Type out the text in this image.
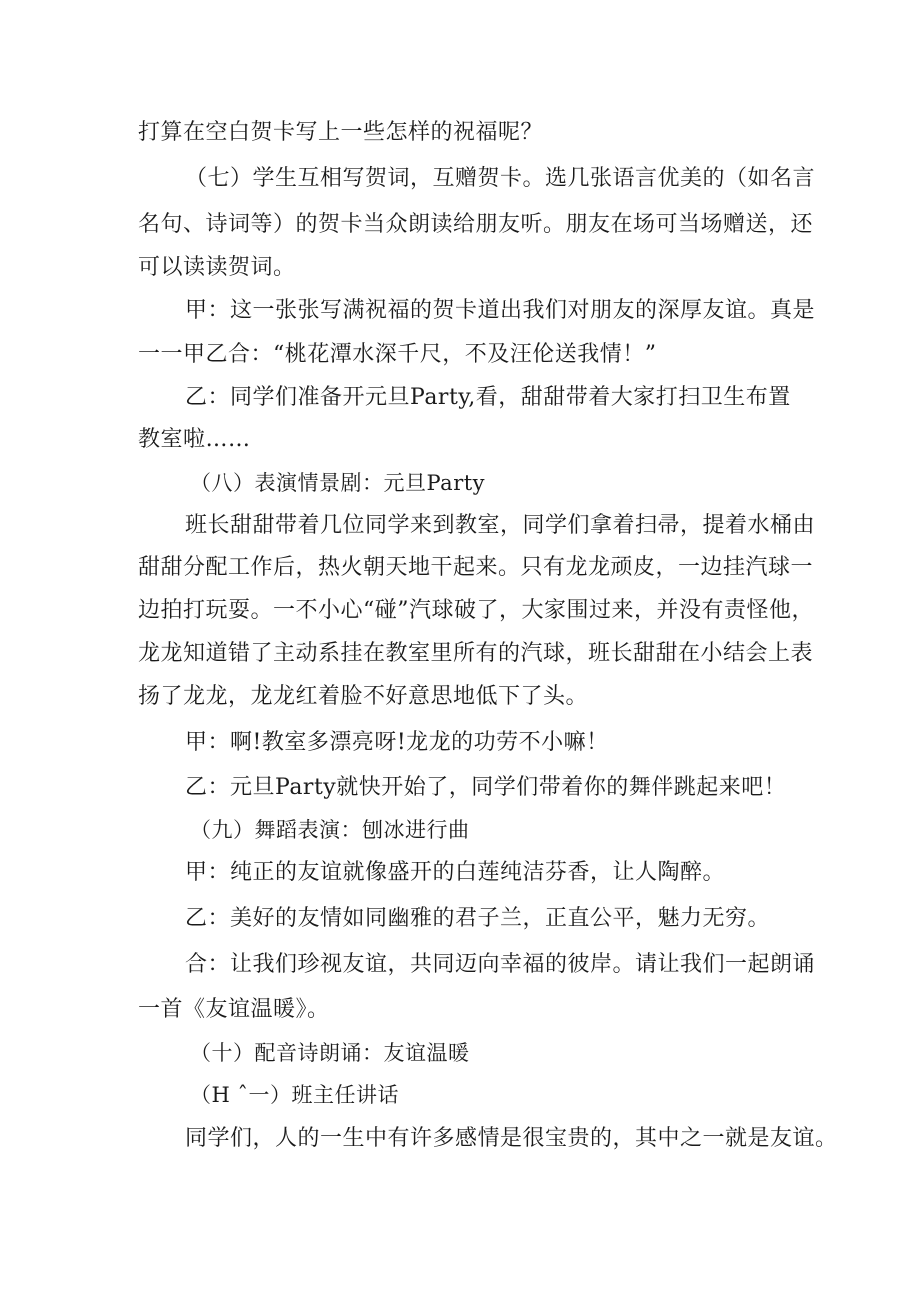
打算在空白贺卡写上一些怎样的祝福呢？
（七）学生互相写贺词，互赠贺卡。选几张语言优美的（如名言
名句、诗词等）的贺卡当众朗读给朋友听。朋友在场可当场赠送，还
可以读读贺词。
甲：这一张张写满祝福的贺卡道出我们对朋友的深厚友谊。真是
一一甲乙合：“桃花潭水深千尺，不及汪伦送我情！”
乙：同学们准备开元旦Party,看，甜甜带着大家打扫卫生布置
教室啦……
（八）表演情景剧：元旦Party
班长甜甜带着几位同学来到教室，同学们拿着扫帚，提着水桶由
甜甜分配工作后，热火朝天地干起来。只有龙龙顽皮，一边挂汽球一
边拍打玩耍。一不小心“碰”汽球破了，大家围过来，并没有责怪他，
龙龙知道错了主动系挂在教室里所有的汽球，班长甜甜在小结会上表
扬了龙龙，龙龙红着脸不好意思地低下了头。
甲：啊!教室多漂亮呀!龙龙的功劳不小嘛！
乙：元旦Party就快开始了，同学们带着你的舞伴跳起来吧！
（九）舞蹈表演：刨冰进行曲
甲：纯正的友谊就像盛开的白莲纯洁芬香，让人陶醉。
乙：美好的友情如同幽雅的君子兰，正直公平，魅力无穷。
合：让我们珍视友谊，共同迈向幸福的彼岸。请让我们一起朗诵
一首《友谊温暖》。
（十）配音诗朗诵：友谊温暖
（H ˆ一）班主任讲话
同学们，人的一生中有许多感情是很宝贵的，其中之一就是友谊。
